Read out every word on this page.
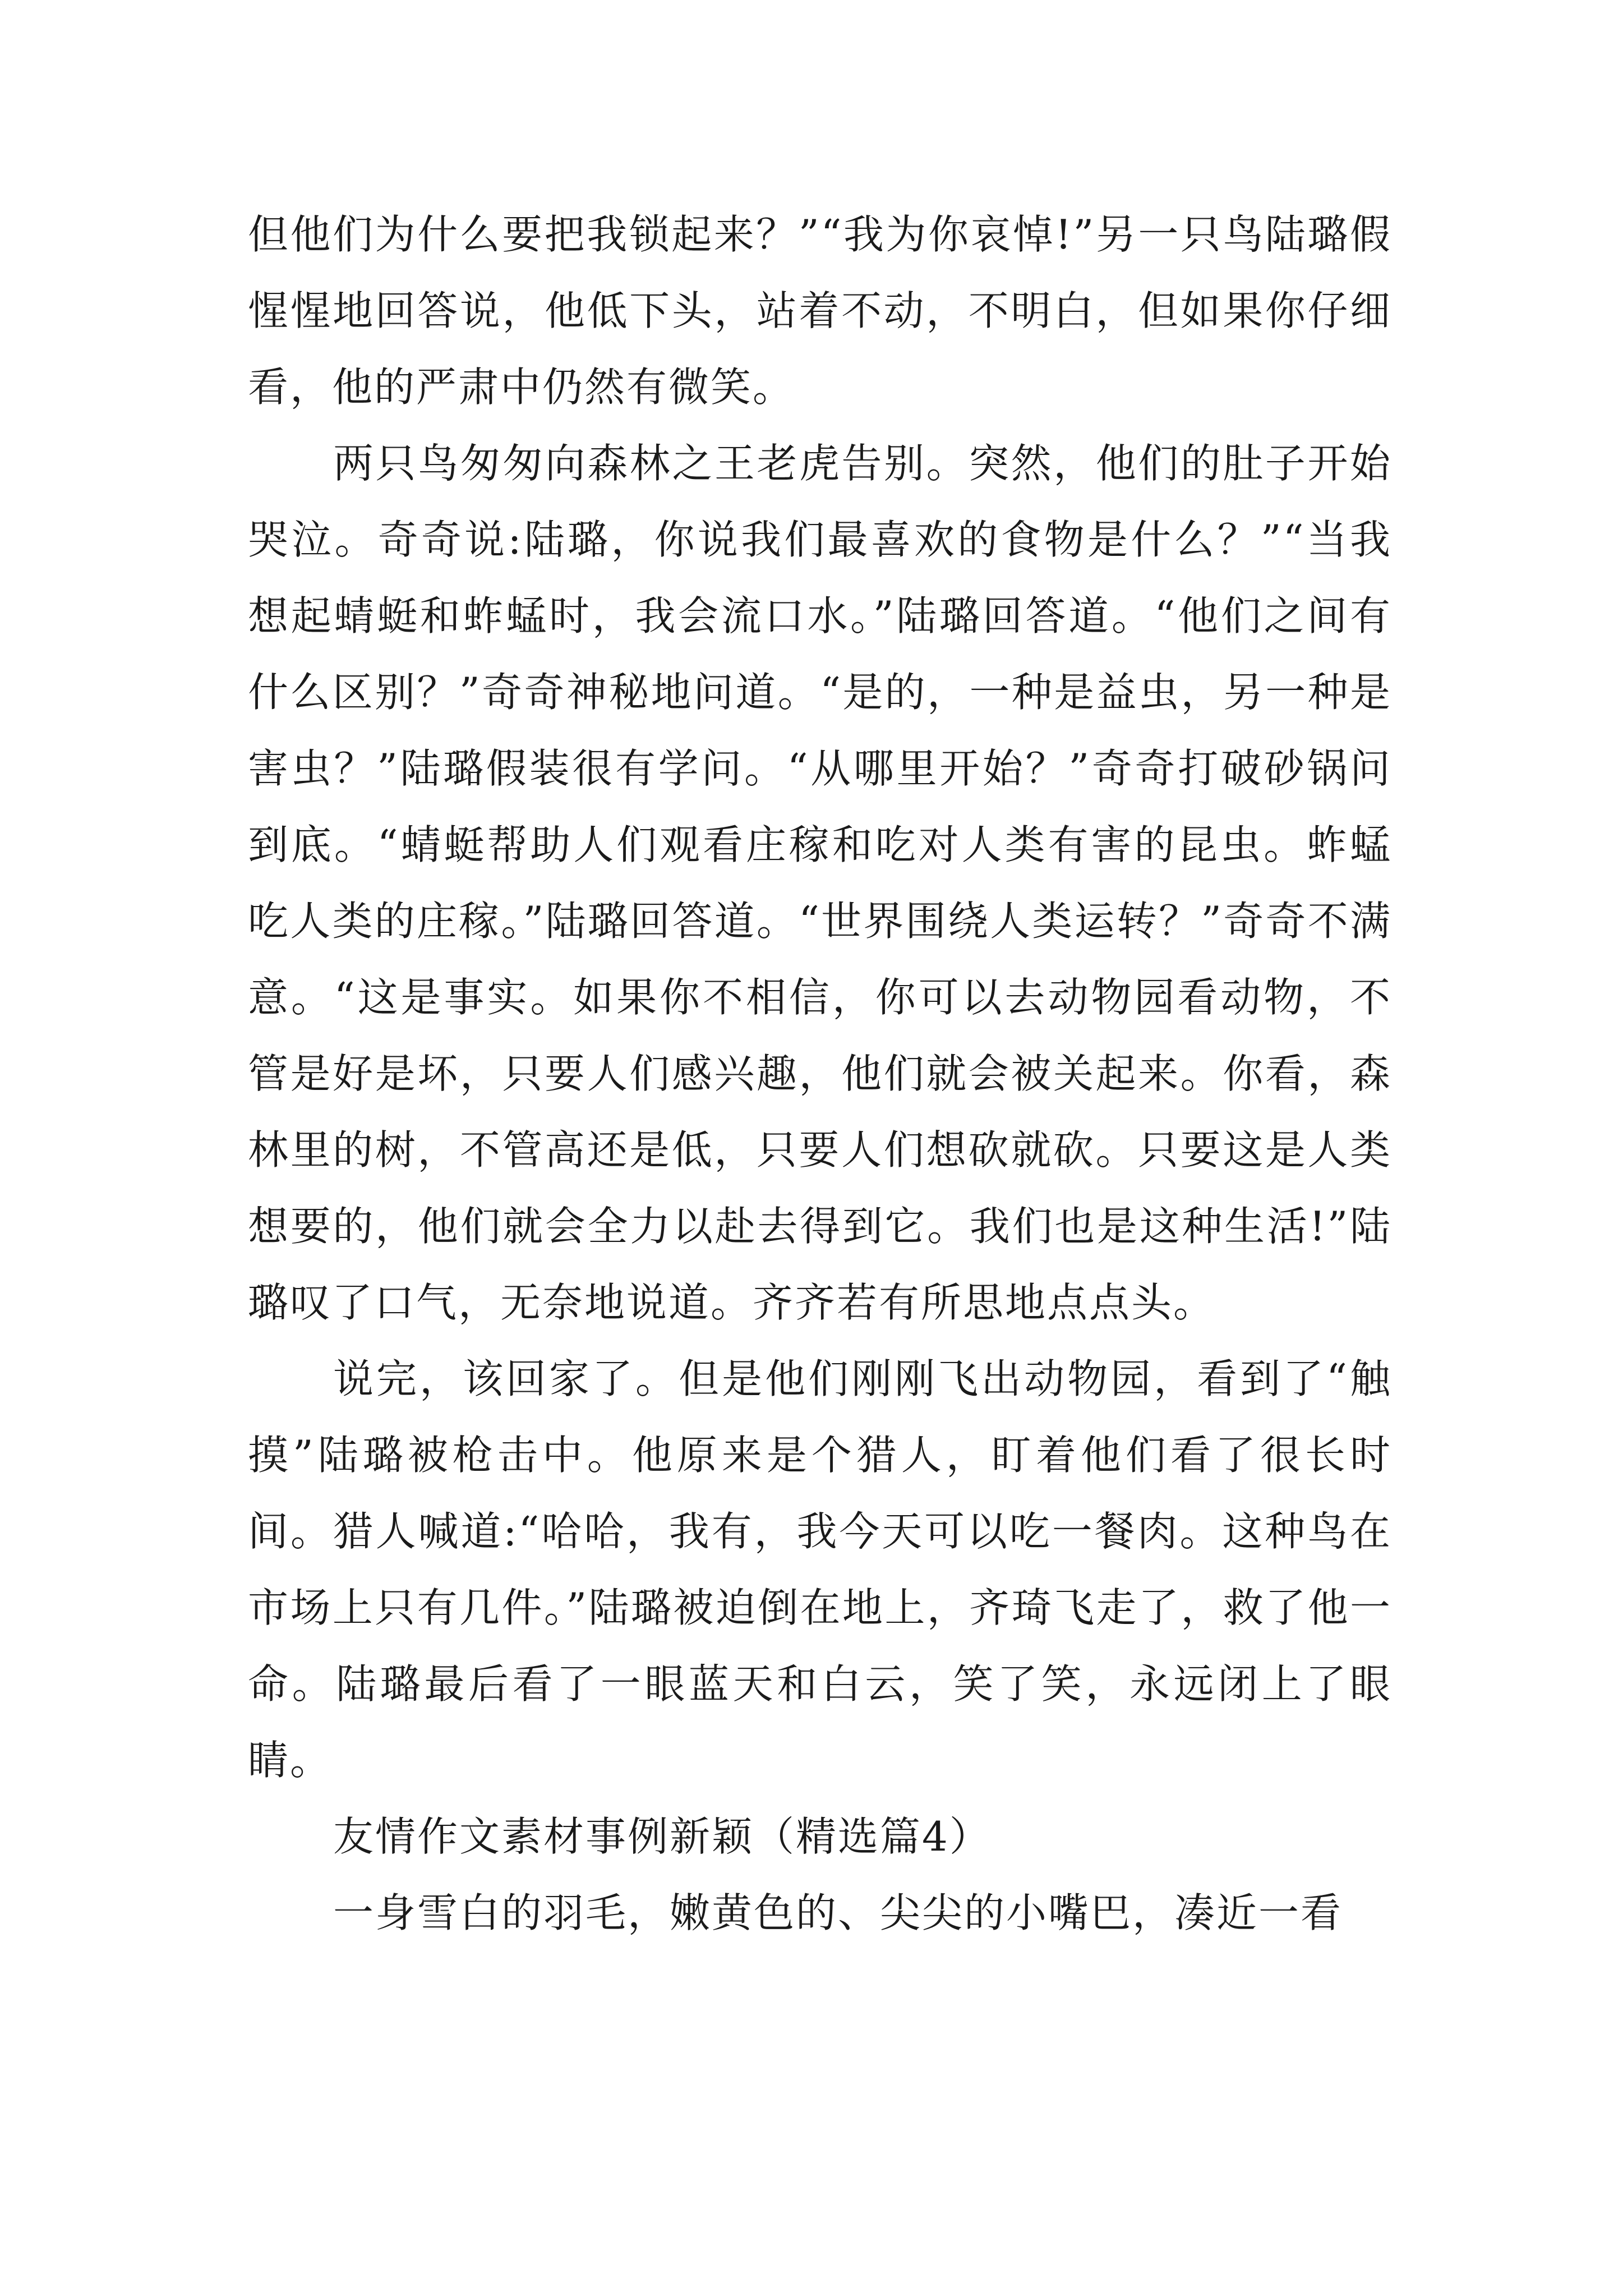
但他们为什么要把我锁起来？”“我为你哀悼!”另一只鸟陆璐假惺惺地回答说，他低下头，站着不动，不明白，但如果你仔细看，他的严肃中仍然有微笑。

两只鸟匆匆向森林之王老虎告别。突然，他们的肚子开始哭泣。奇奇说:陆璐，你说我们最喜欢的食物是什么？”“当我想起蜻蜓和蚱蜢时，我会流口水。”陆璐回答道。“他们之间有什么区别？”奇奇神秘地问道。“是的，一种是益虫，另一种是害虫？”陆璐假装很有学问。“从哪里开始？”奇奇打破砂锅问到底。“蜻蜓帮助人们观看庄稼和吃对人类有害的昆虫。蚱蜢吃人类的庄稼。”陆璐回答道。“世界围绕人类运转？”奇奇不满意。“这是事实。如果你不相信，你可以去动物园看动物，不管是好是坏，只要人们感兴趣，他们就会被关起来。你看，森林里的树，不管高还是低，只要人们想砍就砍。只要这是人类想要的，他们就会全力以赴去得到它。我们也是这种生活!”陆璐叹了口气，无奈地说道。齐齐若有所思地点点头。

说完，该回家了。但是他们刚刚飞出动物园，看到了“触摸”陆璐被枪击中。他原来是个猎人，盯着他们看了很长时间。猎人喊道:“哈哈，我有，我今天可以吃一餐肉。这种鸟在市场上只有几件。”陆璐被迫倒在地上，齐琦飞走了，救了他一命。陆璐最后看了一眼蓝天和白云，笑了笑，永远闭上了眼睛。

友情作文素材事例新颖（精选篇4）

一身雪白的羽毛，嫩黄色的、尖尖的小嘴巴，凑近一看
